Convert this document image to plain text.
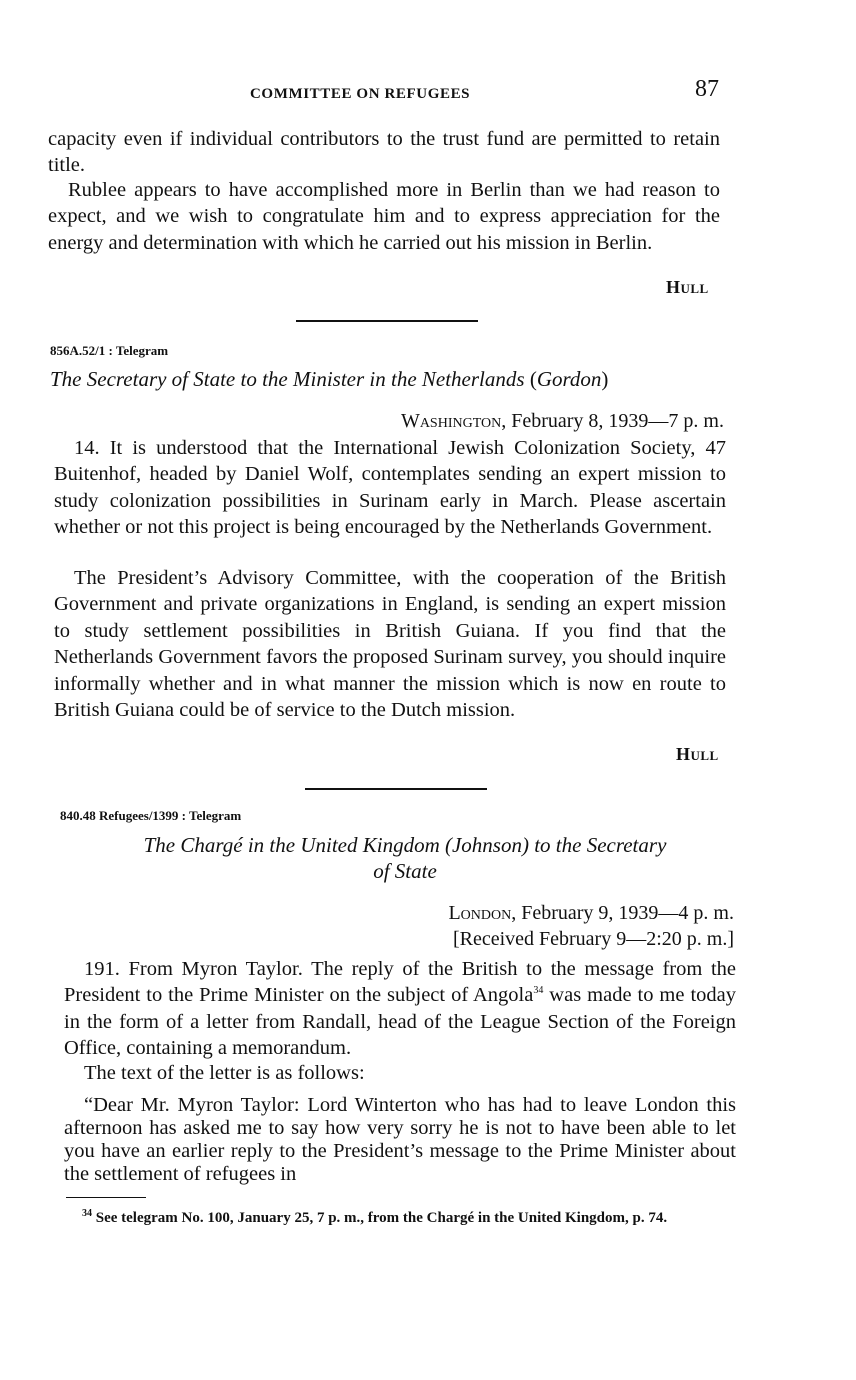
COMMITTEE ON REFUGEES	87

capacity even if individual contributors to the trust fund are permitted to retain title.

Rublee appears to have accomplished more in Berlin than we had reason to expect, and we wish to congratulate him and to express appreciation for the energy and determination with which he carried out his mission in Berlin.

Hull
856A.52/1 : Telegram
The Secretary of State to the Minister in the Netherlands (Gordon)
Washington, February 8, 1939—7 p. m.

14. It is understood that the International Jewish Colonization Society, 47 Buitenhof, headed by Daniel Wolf, contemplates sending an expert mission to study colonization possibilities in Surinam early in March. Please ascertain whether or not this project is being encouraged by the Netherlands Government.

The President’s Advisory Committee, with the cooperation of the British Government and private organizations in England, is sending an expert mission to study settlement possibilities in British Guiana. If you find that the Netherlands Government favors the proposed Surinam survey, you should inquire informally whether and in what manner the mission which is now en route to British Guiana could be of service to the Dutch mission.

Hull
840.48 Refugees/1399 : Telegram
The Chargé in the United Kingdom (Johnson) to the Secretary
of State
London, February 9, 1939—4 p. m.
[Received February 9—2:20 p. m.]

191. From Myron Taylor. The reply of the British to the message from the President to the Prime Minister on the subject of Angola$^{34}$ was made to me today in the form of a letter from Randall, head of the League Section of the Foreign Office, containing a memorandum.

The text of the letter is as follows:

“Dear Mr. Myron Taylor: Lord Winterton who has had to leave London this afternoon has asked me to say how very sorry he is not to have been able to let you have an earlier reply to the President’s message to the Prime Minister about the settlement of refugees in

$^{34}$ See telegram No. 100, January 25, 7 p. m., from the Chargé in the United Kingdom, p. 74.
